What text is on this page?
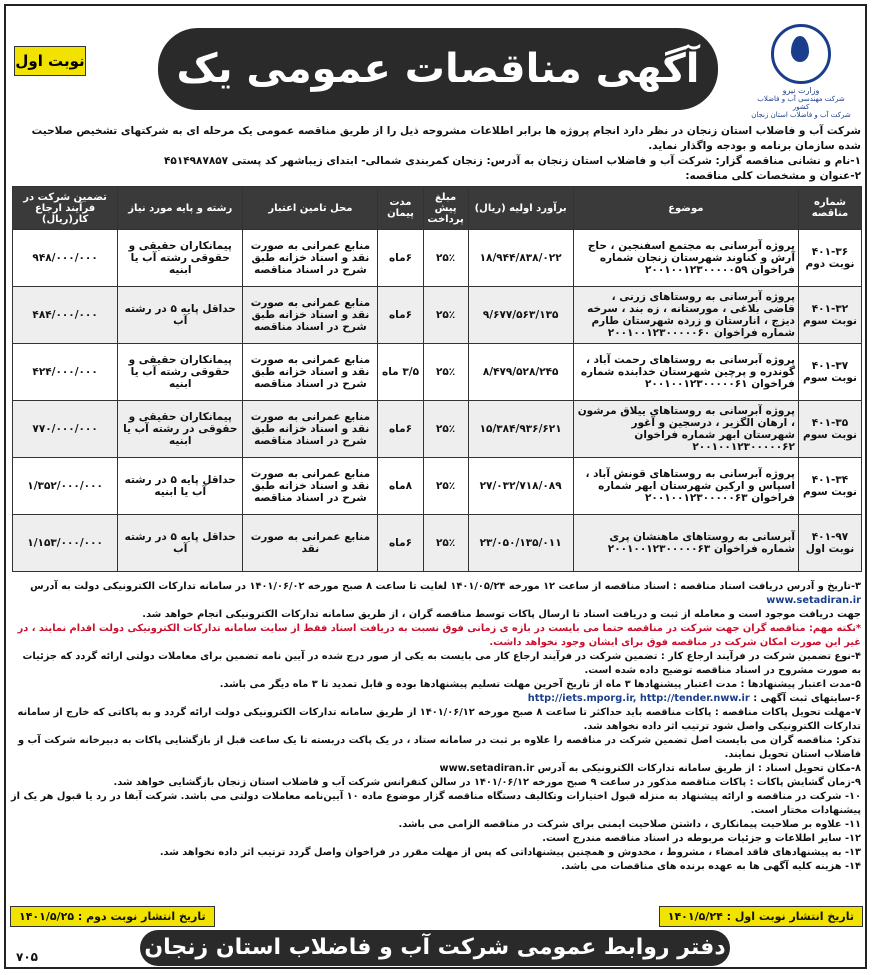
نوبت اول	آگهی مناقصات عمومی یک مرحله‌ای
وزارت نیرو
شرکت مهندسی آب و فاضلاب کشور
شرکت آب و فاضلاب استان زنجان

شرکت آب و فاضلاب استان زنجان در نظر دارد انجام پروژه ها برابر اطلاعات مشروحه ذیل را از طریق مناقصه عمومی یک مرحله ای به شرکتهای تشخیص صلاحیت شده سازمان برنامه و بودجه واگذار نماید.

۱-نام و نشانی مناقصه گزار: شرکت آب و فاضلاب استان زنجان به آدرس: زنجان کمربندی شمالی- ابتدای زیباشهر کد پستی ۴۵۱۴۹۸۷۸۵۷

۲-عنوان و مشخصات کلی مناقصه:

شماره مناقصه	موضوع	برآورد اولیه (ریال)	مبلغ پیش پرداخت	مدت پیمان	محل تامین اعتبار	رشته و پایه مورد نیاز	تضمین شرکت در فرآیند ارجاع کار(ریال)
۴۰۱-۳۶ نوبت دوم	پروژه آبرسانی به مجتمع اسفنجین ، حاج آرش و کناوند شهرستان زنجان شماره فراخوان ۲۰۰۱۰۰۱۲۳۰۰۰۰۰۵۹	۱۸/۹۴۴/۸۳۸/۰۲۲	۲۵٪	۶ماه	منابع عمرانی به صورت نقد و اسناد خزانه طبق شرح در اسناد مناقصه	پیمانکاران حقیقی و حقوقی رشته آب یا ابنیه	۹۴۸/۰۰۰/۰۰۰
۴۰۱-۳۲ نوبت سوم	پروژه آبرسانی به روستاهای زرنی ، قاضی بلاغی ، مورستانه ، زه بند ، سرخه دیزج ، انارستان و زرده شهرستان طارم شماره فراخوان ۲۰۰۱۰۰۱۲۳۰۰۰۰۰۶۰	۹/۶۷۷/۵۶۳/۱۳۵	۲۵٪	۶ماه	منابع عمرانی به صورت نقد و اسناد خزانه طبق شرح در اسناد مناقصه	حداقل پایه ۵ در رشته آب	۴۸۴/۰۰۰/۰۰۰
۴۰۱-۳۷ نوبت سوم	پروژه آبرسانی به روستاهای رحمت آباد ، گوندره و پرچین شهرستان خدابنده شماره فراخوان ۲۰۰۱۰۰۱۲۳۰۰۰۰۰۶۱	۸/۴۷۹/۵۲۸/۲۴۵	۲۵٪	۳/۵ ماه	منابع عمرانی به صورت نقد و اسناد خزانه طبق شرح در اسناد مناقصه	پیمانکاران حقیقی و حقوقی رشته آب یا ابنیه	۴۲۴/۰۰۰/۰۰۰
۴۰۱-۳۵ نوبت سوم	پروژه آبرسانی به روستاهای ییلاق مرشون ، ارهان الگزیر ، درسجین و آغور شهرستان ابهر شماره فراخوان ۲۰۰۱۰۰۱۲۳۰۰۰۰۰۶۲	۱۵/۳۸۴/۹۳۶/۶۲۱	۲۵٪	۶ماه	منابع عمرانی به صورت نقد و اسناد خزانه طبق شرح در اسناد مناقصه	پیمانکاران حقیقی و حقوقی در رشته آب یا ابنیه	۷۷۰/۰۰۰/۰۰۰
۴۰۱-۳۴ نوبت سوم	پروژه آبرسانی به روستاهای قونش آباد ، اسپاس و ارکین شهرستان ابهر شماره فراخوان ۲۰۰۱۰۰۱۲۳۰۰۰۰۰۶۳	۲۷/۰۳۲/۷۱۸/۰۸۹	۲۵٪	۸ماه	منابع عمرانی به صورت نقد و اسناد خزانه طبق شرح در اسناد مناقصه	حداقل پایه ۵ در رشته آب یا ابنیه	۱/۳۵۲/۰۰۰/۰۰۰
۴۰۱-۹۷ نوبت اول	آبرسانی به روستاهای ماهنشان پری شماره فراخوان ۲۰۰۱۰۰۱۲۳۰۰۰۰۰۶۳	۲۳/۰۵۰/۱۳۵/۰۱۱	۲۵٪	۶ماه	منابع عمرانی به صورت نقد	حداقل پایه ۵ در رشته آب	۱/۱۵۳/۰۰۰/۰۰۰

۳-تاریخ و آدرس دریافت اسناد مناقصه : اسناد مناقصه از ساعت ۱۲ مورخه ۱۴۰۱/۰۵/۲۴ لغایت تا ساعت ۸ صبح مورخه ۱۴۰۱/۰۶/۰۲ در سامانه تدارکات الکترونیکی دولت به آدرس www.setadiran.ir

جهت دریافت موجود است و معامله از ثبت و دریافت اسناد تا ارسال پاکات توسط مناقصه گران ، از طریق سامانه تدارکات الکترونیکی انجام خواهد شد.

*نکته مهم: مناقصه گران جهت شرکت در مناقصه حتما می بایست در بازه ی زمانی فوق نسبت به دریافت اسناد فقط از سایت سامانه تدارکات الکترونیکی دولت اقدام نمایند ، در غیر این صورت امکان شرکت در مناقصه فوق برای ایشان وجود نخواهد داشت.

۴-نوع تضمین شرکت در فرآیند ارجاع کار : تضمین شرکت در فرآیند ارجاع کار می بایست به یکی از صور درج شده در آیین نامه تضمین برای معاملات دولتی ارائه گردد که جزئیات به صورت مشروح در اسناد مناقصه توضیح داده شده است.

۵-مدت اعتبار پیشنهادها : مدت اعتبار پیشنهادها ۳ ماه از تاریخ آخرین مهلت تسلیم پیشنهادها بوده و قابل تمدید تا ۳ ماه دیگر می باشد.

۶-سایتهای ثبت آگهی : http://iets.mporg.ir, http://tender.nww.ir

۷-مهلت تحویل پاکات مناقصه : پاکات مناقصه باید حداکثر تا ساعت ۸ صبح مورخه ۱۴۰۱/۰۶/۱۲ از طریق سامانه تدارکات الکترونیکی دولت ارائه گردد و به پاکاتی که خارج از سامانه تدارکات الکترونیکی واصل شود ترتیب اثر داده نخواهد شد.

تذکر: مناقصه گران می بایست اصل تضمین شرکت در مناقصه را علاوه بر ثبت در سامانه ستاد ، در یک پاکت دربسته تا یک ساعت قبل از بازگشایی پاکات به دبیرخانه شرکت آب و فاضلاب استان تحویل نمایند.

۸-مکان تحویل اسناد : از طریق سامانه تدارکات الکترونیکی به آدرس www.setadiran.ir

۹-زمان گشایش پاکات : پاکات مناقصه مذکور در ساعت ۹ صبح مورخه ۱۴۰۱/۰۶/۱۲ در سالن کنفرانس شرکت آب و فاضلاب استان زنجان بازگشایی خواهد شد.

۱۰- شرکت در مناقصه و ارائه پیشنهاد به منزله قبول اختیارات وتکالیف دستگاه مناقصه گزار موضوع ماده ۱۰ آیین‌نامه معاملات دولتی می باشد. شرکت آبفا در رد یا قبول هر یک از پیشنهادات مختار است.

۱۱- علاوه بر صلاحیت پیمانکاری ، داشتن صلاحیت ایمنی برای شرکت در مناقصه الزامی می باشد.

۱۲- سایر اطلاعات و جزئیات مربوطه در اسناد مناقصه مندرج است.

۱۳- به پیشنهادهای فاقد امضاء ، مشروط ، مخدوش و همچنین پیشنهاداتی که پس از مهلت مقرر در فراخوان واصل گردد ترتیب اثر داده نخواهد شد.

۱۴- هزینه کلیه آگهی ها به عهده برنده های مناقصات می باشد.

تاریخ انتشار نوبت اول : ۱۴۰۱/۵/۲۴
تاریخ انتشار نوبت دوم : ۱۴۰۱/۵/۲۵
دفتر روابط عمومی شرکت آب و فاضلاب استان زنجان
۷۰۵
